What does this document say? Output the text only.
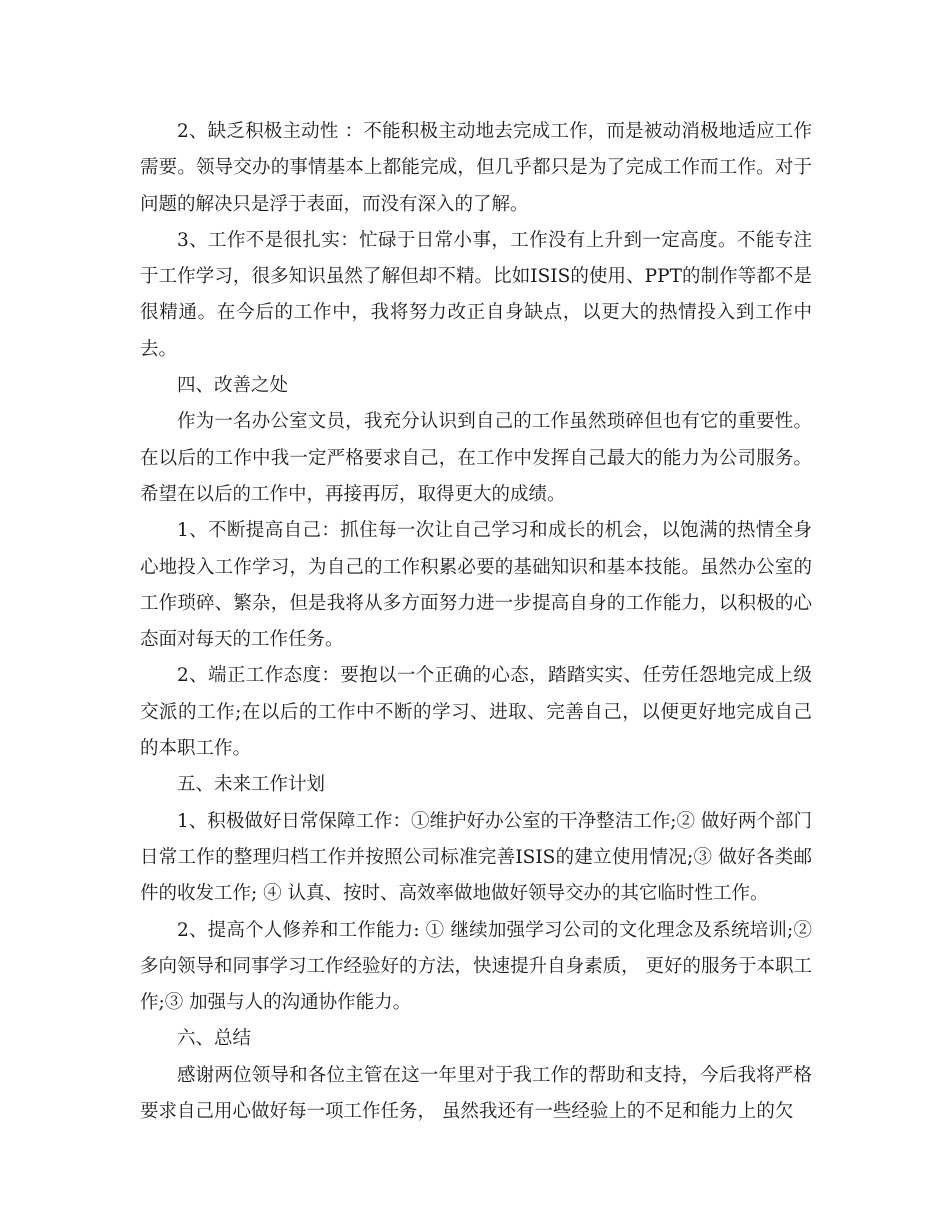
2、缺乏积极主动性 ：不能积极主动地去完成工作，而是被动消极地适应工作需要。领导交办的事情基本上都能完成，但几乎都只是为了完成工作而工作。对于问题的解决只是浮于表面，而没有深入的了解。

3、工作不是很扎实：忙碌于日常小事，工作没有上升到一定高度。不能专注于工作学习，很多知识虽然了解但却不精。比如ISIS的使用、PPT的制作等都不是很精通。在今后的工作中，我将努力改正自身缺点，以更大的热情投入到工作中去。

四、改善之处

作为一名办公室文员，我充分认识到自己的工作虽然琐碎但也有它的重要性。在以后的工作中我一定严格要求自己，在工作中发挥自己最大的能力为公司服务。希望在以后的工作中，再接再厉，取得更大的成绩。

1、不断提高自己：抓住每一次让自己学习和成长的机会，以饱满的热情全身心地投入工作学习，为自己的工作积累必要的基础知识和基本技能。虽然办公室的工作琐碎、繁杂，但是我将从多方面努力进一步提高自身的工作能力，以积极的心态面对每天的工作任务。

2、端正工作态度：要抱以一个正确的心态，踏踏实实、任劳任怨地完成上级交派的工作;在以后的工作中不断的学习、进取、完善自己，以便更好地完成自己的本职工作。

五、未来工作计划

1、积极做好日常保障工作：①维护好办公室的干净整洁工作;② 做好两个部门日常工作的整理归档工作并按照公司标准完善ISIS的建立使用情况;③ 做好各类邮件的收发工作; ④ 认真、按时、高效率做地做好领导交办的其它临时性工作。

2、提高个人修养和工作能力: ① 继续加强学习公司的文化理念及系统培训;② 多向领导和同事学习工作经验好的方法，快速提升自身素质， 更好的服务于本职工作;③ 加强与人的沟通协作能力。

六、总结

感谢两位领导和各位主管在这一年里对于我工作的帮助和支持，今后我将严格要求自己用心做好每一项工作任务， 虽然我还有一些经验上的不足和能力上的欠
